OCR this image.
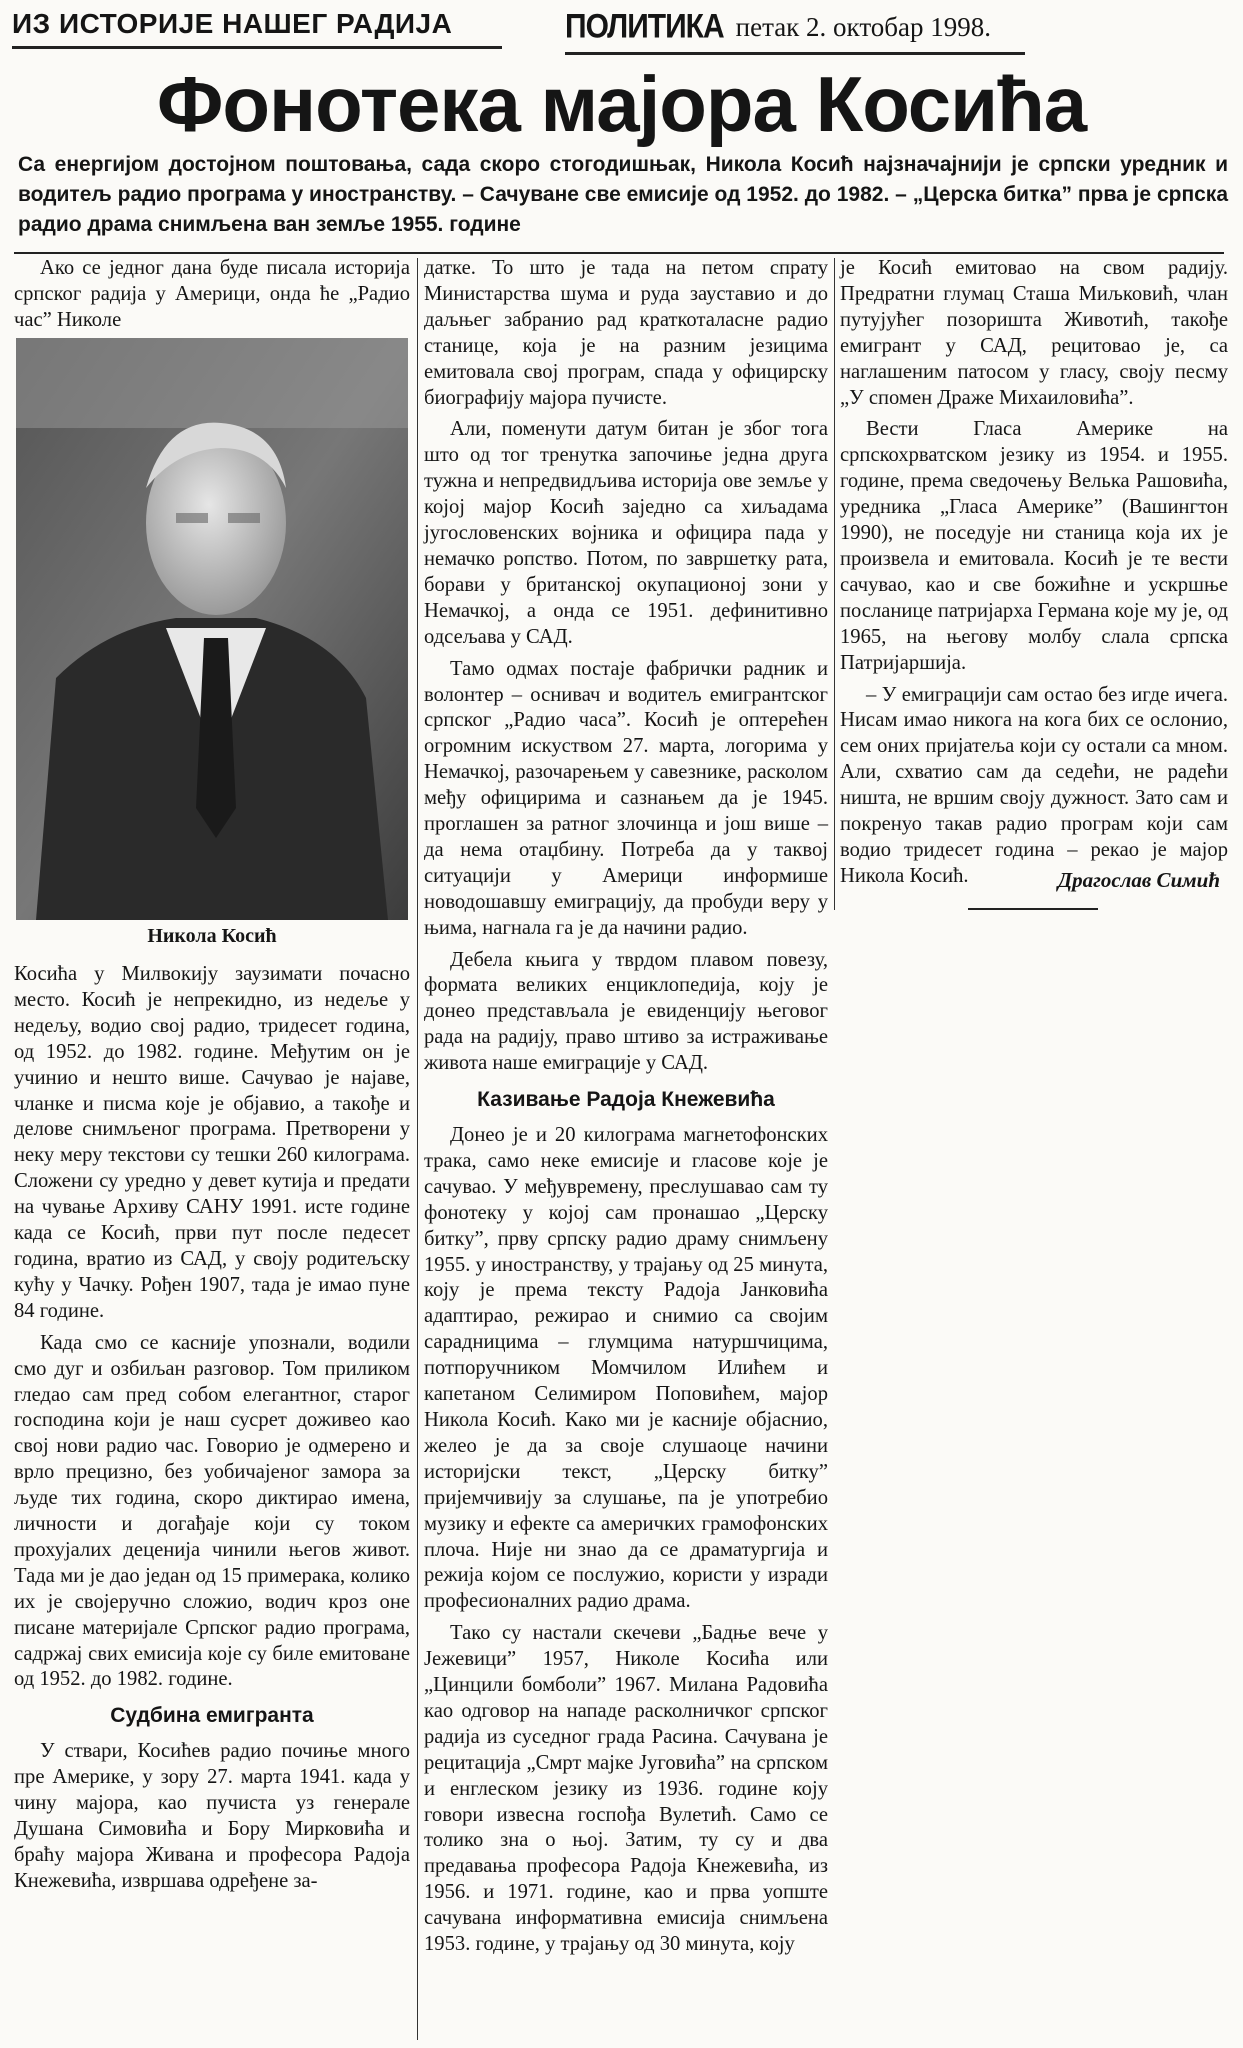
ИЗ ИСТОРИЈЕ НАШЕГ РАДИЈА	ПОЛИТИКА петак 2. октобар 1998.
Фонотека мајора Косића
Са енергијом достојном поштовања, сада скоро стогодишњак, Никола Косић најзначајнији је српски уредник и водитељ радио програма у иностранству. – Сачуване све емисије од 1952. до 1982. – „Церска битка” прва је српска радио драма снимљена ван земље 1955. године

Ако се једног дана буде писала историја српског радија у Америци, онда ће „Радио час” Николе

Никола Косић

Косића у Милвокију заузимати почасно место. Косић је непрекидно, из недеље у недељу, водио свој радио, тридесет година, од 1952. до 1982. године. Међутим он је учинио и нешто више. Сачувао је најаве, чланке и писма које је објавио, а такође и делове снимљеног програма. Претворени у неку меру текстови су тешки 260 килограма. Сложени су уредно у девет кутија и предати на чување Архиву САНУ 1991. исте године када се Косић, први пут после педесет година, вратио из САД, у своју родитељску кућу у Чачку. Рођен 1907, тада је имао пуне 84 године.

Када смо се касније упознали, водили смо дуг и озбиљан разговор. Том приликом гледао сам пред собом елегантног, старог господина који је наш сусрет доживео као свој нови радио час. Говорио је одмерено и врло прецизно, без уобичајеног замора за људе тих година, скоро диктирао имена, личности и догађаје који су током прохујалих деценија чинили његов живот. Тада ми је дао један од 15 примерака, колико их је својеручно сложио, водич кроз оне писане материјале Српског радио програма, садржај свих емисија које су биле емитоване од 1952. до 1982. године.

Судбина емигранта

У ствари, Косићев радио почиње много пре Америке, у зору 27. марта 1941. када у чину мајора, као пучиста уз генерале Душана Симовића и Бору Мирковића и браћу мајора Живана и професора Радоја Кнежевића, извршава одређене за-

датке. То што је тада на петом спрату Министарства шума и руда зауставио и до даљњег забранио рад краткоталасне радио станице, која је на разним језицима емитовала свој програм, спада у официрску биографију мајора пучисте.

Али, поменути датум битан је због тога што од тог тренутка започиње једна друга тужна и непредвидљива историја ове земље у којој мајор Косић заједно са хиљадама југословенских војника и официра пада у немачко ропство. Потом, по завршетку рата, борави у британској окупационој зони у Немачкој, а онда се 1951. дефинитивно одсељава у САД.

Тамо одмах постаје фабрички радник и волонтер – оснивач и водитељ емигрантског српског „Радио часа”. Косић је оптерећен огромним искуством 27. марта, логорима у Немачкој, разочарењем у савезнике, расколом међу официрима и сазнањем да је 1945. проглашен за ратног злочинца и још више – да нема отаџбину. Потреба да у таквој ситуацији у Америци информише новодошавшу емиграцију, да пробуди веру у њима, нагнала га је да начини радио.

Дебела књига у тврдом плавом повезу, формата великих енциклопедија, коју је донео представљала је евиденцију његовог рада на радију, право штиво за истраживање живота наше емиграције у САД.

Казивање Радоја Кнежевића

Донео је и 20 килограма магнетофонских трака, само неке емисије и гласове које је сачувао. У међувремену, преслушавао сам ту фонотеку у којој сам пронашао „Церску битку”, прву српску радио драму снимљену 1955. у иностранству, у трајању од 25 минута, коју је према тексту Радоја Јанковића адаптирао, режирао и снимио са својим сарадницима – глумцима натуршчицима, потпоручником Момчилом Илићем и капетаном Селимиром Поповићем, мајор Никола Косић. Како ми је касније објаснио, желео је да за своје слушаоце начини историјски текст, „Церску битку” пријемчивију за слушање, па је употребио музику и ефекте са америчких грамофонских плоча. Није ни знао да се драматургија и режија којом се послужио, користи у изради професионалних радио драма.

Тако су настали скечеви „Бадње вече у Јежевици” 1957, Николе Косића или „Цинцили бомболи” 1967. Милана Радовића као одговор на нападе расколничког српског радија из суседног града Расина. Сачувана је рецитација „Смрт мајке Југовића” на српском и енглеском језику из 1936. године коју говори извесна госпођа Вулетић. Само се толико зна о њој. Затим, ту су и два предавања професора Радоја Кнежевића, из 1956. и 1971. године, као и прва уопште сачувана информативна емисија снимљена 1953. године, у трајању од 30 минута, коју

је Косић емитовао на свом радију. Предратни глумац Сташа Миљковић, члан путујућег позоришта Животић, такође емигрант у САД, рецитовао је, са наглашеним патосом у гласу, своју песму „У спомен Драже Михаиловића”.

Вести Гласа Америке на српскохрватском језику из 1954. и 1955. године, према сведочењу Велька Рашовића, уредника „Гласа Америке” (Вашингтон 1990), не поседује ни станица која их је произвела и емитовала. Косић је те вести сачувао, као и све божићне и ускршње посланице патријарха Германа које му је, од 1965, на његову молбу слала српска Патријаршија.

– У емиграцији сам остао без игде ичега. Нисам имао никога на кога бих се ослонио, сем оних пријатеља који су остали са мном. Али, схватио сам да седећи, не радећи ништа, не вршим своју дужност. Зато сам и покренуо такав радио програм који сам водио тридесет година – рекао је мајор Никола Косић.	Драгослав Симић
